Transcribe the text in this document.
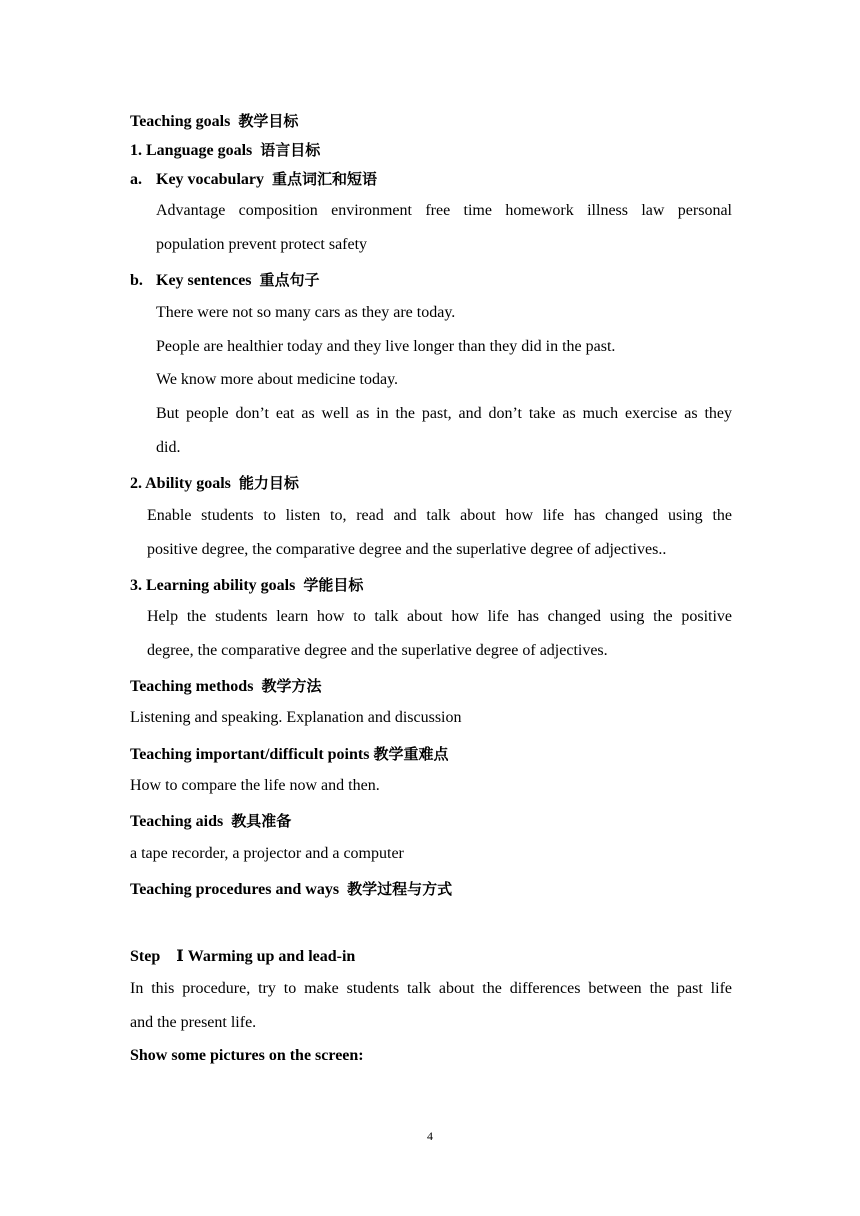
Teaching goals 教学目标
1. Language goals 语言目标
a. Key vocabulary 重点词汇和短语
Advantage composition environment free time homework illness law personal
population prevent protect safety
b. Key sentences 重点句子
There were not so many cars as they are today.
People are healthier today and they live longer than they did in the past.
We know more about medicine today.
But people don’t eat as well as in the past, and don’t take as much exercise as they
did.
2. Ability goals 能力目标
Enable students to listen to, read and talk about how life has changed using the
positive degree, the comparative degree and the superlative degree of adjectives..
3. Learning ability goals 学能目标
Help the students learn how to talk about how life has changed using the positive
degree, the comparative degree and the superlative degree of adjectives.
Teaching methods 教学方法
Listening and speaking. Explanation and discussion
Teaching important/difficult points 教学重难点
How to compare the life now and then.
Teaching aids 教具准备
a tape recorder, a projector and a computer
Teaching procedures and ways 教学过程与方式
Step Ⅰ Warming up and lead-in
In this procedure, try to make students talk about the differences between the past life
and the present life.
Show some pictures on the screen:
4
